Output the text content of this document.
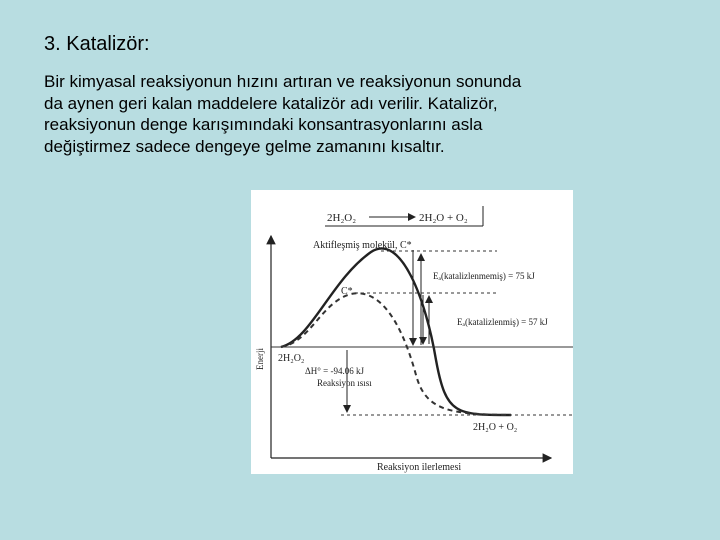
3. Katalizör:

Bir kimyasal reaksiyonun hızını artıran ve reaksiyonun sonunda da aynen geri kalan maddelere katalizör adı verilir. Katalizör, reaksiyonun denge karışımındaki konsantrasyonlarını asla değiştirmez sadece dengeye gelme zamanını kısaltır.

2H₂O₂	2H₂O + O₂
Enerji
Reaksiyon ilerlemesi
Aktifleşmiş molekül, C*
C*
Eₐ(katalizlenmemiş) = 75 kJ
Eₐ(katalizlenmiş) = 57 kJ
2H₂O₂
ΔH° = -94.06 kJ
Reaksiyon ısısı
2H₂O + O₂
